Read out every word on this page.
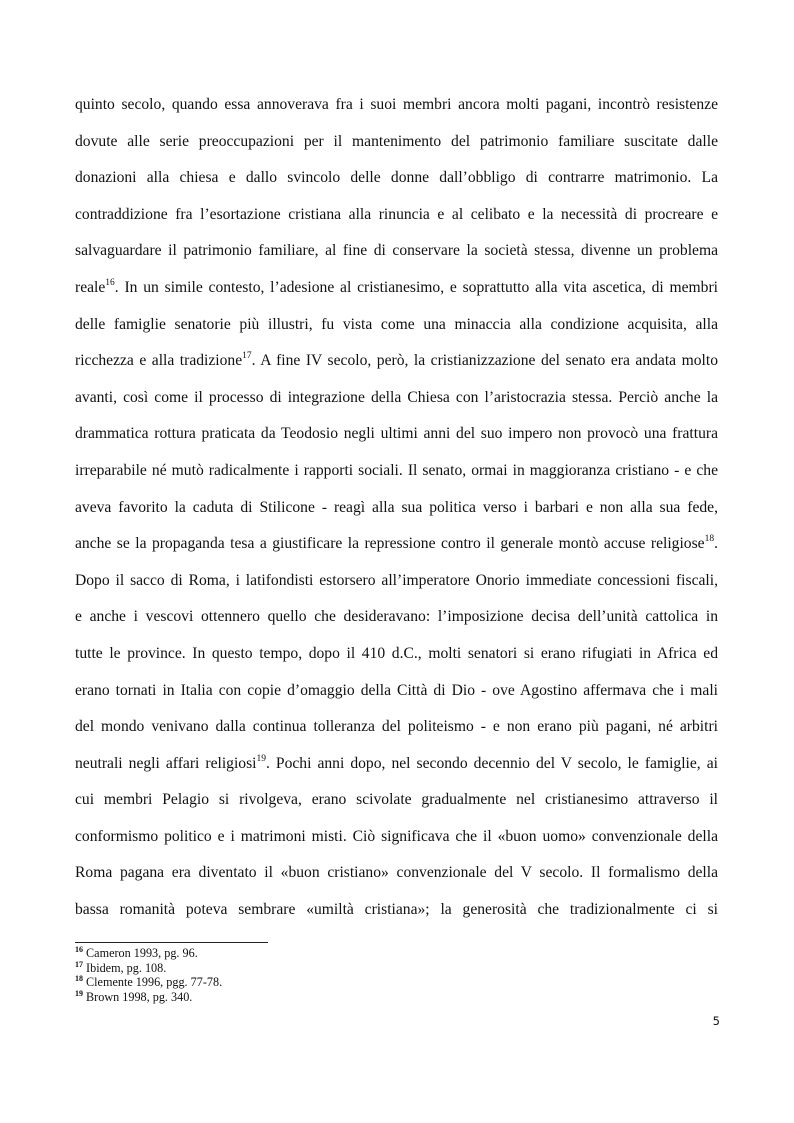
quinto secolo, quando essa annoverava fra i suoi membri ancora molti pagani, incontrò resistenze
dovute alle serie preoccupazioni per il mantenimento del patrimonio familiare suscitate dalle
donazioni alla chiesa e dallo svincolo delle donne dall’obbligo di contrarre matrimonio. La
contraddizione fra l’esortazione cristiana alla rinuncia e al celibato e la necessità di procreare e
salvaguardare il patrimonio familiare, al fine di conservare la società stessa, divenne un problema
reale$^{16}$. In un simile contesto, l’adesione al cristianesimo, e soprattutto alla vita ascetica, di membri
delle famiglie senatorie più illustri, fu vista come una minaccia alla condizione acquisita, alla
ricchezza e alla tradizione$^{17}$. A fine IV secolo, però, la cristianizzazione del senato era andata molto
avanti, così come il processo di integrazione della Chiesa con l’aristocrazia stessa. Perciò anche la
drammatica rottura praticata da Teodosio negli ultimi anni del suo impero non provocò una frattura
irreparabile né mutò radicalmente i rapporti sociali. Il senato, ormai in maggioranza cristiano - e che
aveva favorito la caduta di Stilicone - reagì alla sua politica verso i barbari e non alla sua fede,
anche se la propaganda tesa a giustificare la repressione contro il generale montò accuse religiose$^{18}$.
Dopo il sacco di Roma, i latifondisti estorsero all’imperatore Onorio immediate concessioni fiscali,
e anche i vescovi ottennero quello che desideravano: l’imposizione decisa dell’unità cattolica in
tutte le province. In questo tempo, dopo il 410 d.C., molti senatori si erano rifugiati in Africa ed
erano tornati in Italia con copie d’omaggio della Città di Dio - ove Agostino affermava che i mali
del mondo venivano dalla continua tolleranza del politeismo - e non erano più pagani, né arbitri
neutrali negli affari religiosi$^{19}$. Pochi anni dopo, nel secondo decennio del V secolo, le famiglie, ai
cui membri Pelagio si rivolgeva, erano scivolate gradualmente nel cristianesimo attraverso il
conformismo politico e i matrimoni misti. Ciò significava che il «buon uomo» convenzionale della
Roma pagana era diventato il «buon cristiano» convenzionale del V secolo. Il formalismo della
bassa romanità poteva sembrare «umiltà cristiana»; la generosità che tradizionalmente ci si
$^{16}$ Cameron 1993, pg. 96.
$^{17}$ Ibidem, pg. 108.
$^{18}$ Clemente 1996, pgg. 77-78.
$^{19}$ Brown 1998, pg. 340.
5
